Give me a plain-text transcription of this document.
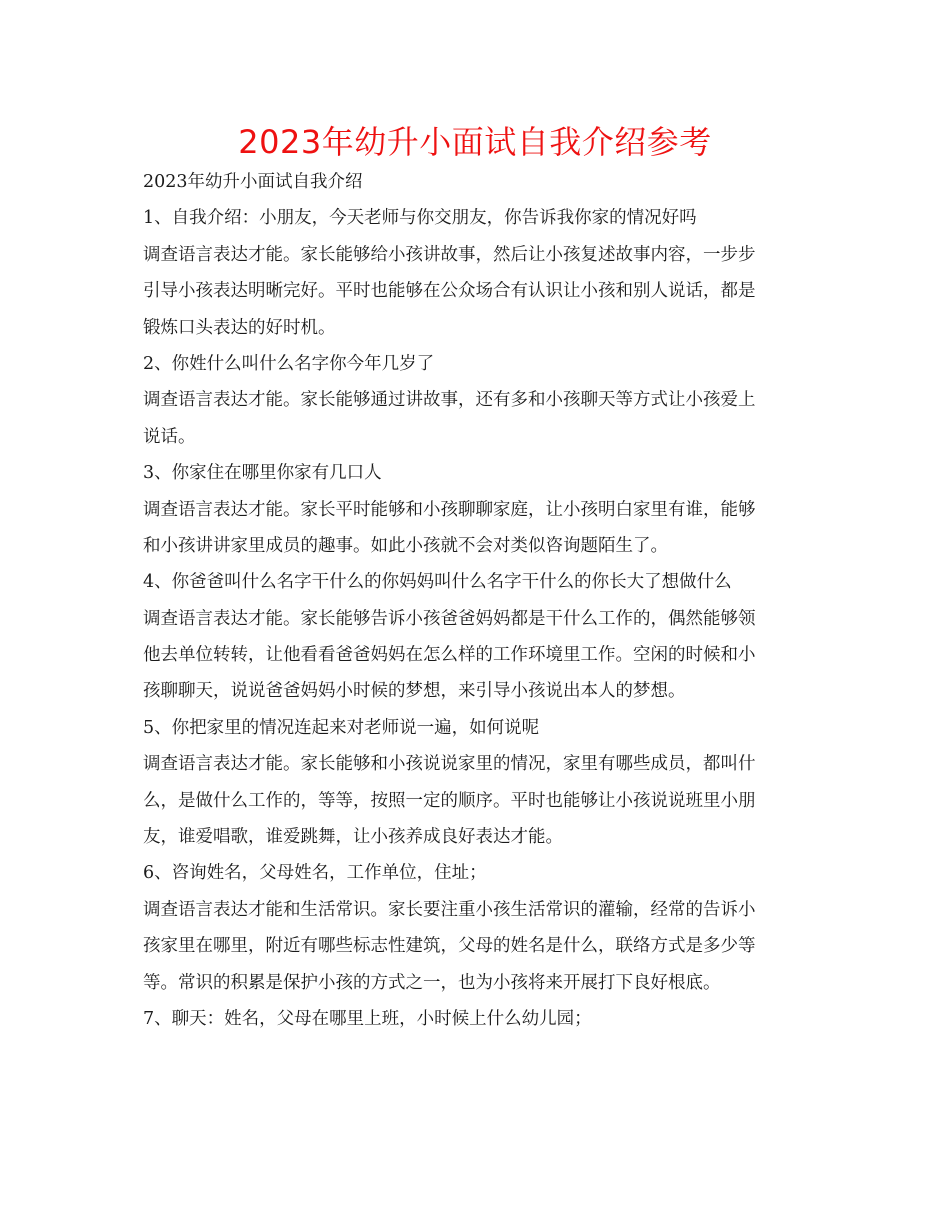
2023年幼升小面试自我介绍参考

2023年幼升小面试自我介绍

1、自我介绍：小朋友，今天老师与你交朋友，你告诉我你家的情况好吗

调查语言表达才能。家长能够给小孩讲故事，然后让小孩复述故事内容，一步步

引导小孩表达明晰完好。平时也能够在公众场合有认识让小孩和别人说话，都是

锻炼口头表达的好时机。

2、你姓什么叫什么名字你今年几岁了

调查语言表达才能。家长能够通过讲故事，还有多和小孩聊天等方式让小孩爱上

说话。

3、你家住在哪里你家有几口人

调查语言表达才能。家长平时能够和小孩聊聊家庭，让小孩明白家里有谁，能够

和小孩讲讲家里成员的趣事。如此小孩就不会对类似咨询题陌生了。

4、你爸爸叫什么名字干什么的你妈妈叫什么名字干什么的你长大了想做什么

调查语言表达才能。家长能够告诉小孩爸爸妈妈都是干什么工作的，偶然能够领

他去单位转转，让他看看爸爸妈妈在怎么样的工作环境里工作。空闲的时候和小

孩聊聊天，说说爸爸妈妈小时候的梦想，来引导小孩说出本人的梦想。

5、你把家里的情况连起来对老师说一遍，如何说呢

调查语言表达才能。家长能够和小孩说说家里的情况，家里有哪些成员，都叫什

么，是做什么工作的，等等，按照一定的顺序。平时也能够让小孩说说班里小朋

友，谁爱唱歌，谁爱跳舞，让小孩养成良好表达才能。

6、咨询姓名，父母姓名，工作单位，住址；

调查语言表达才能和生活常识。家长要注重小孩生活常识的灌输，经常的告诉小

孩家里在哪里，附近有哪些标志性建筑，父母的姓名是什么，联络方式是多少等

等。常识的积累是保护小孩的方式之一，也为小孩将来开展打下良好根底。

7、聊天：姓名，父母在哪里上班，小时候上什么幼儿园；
